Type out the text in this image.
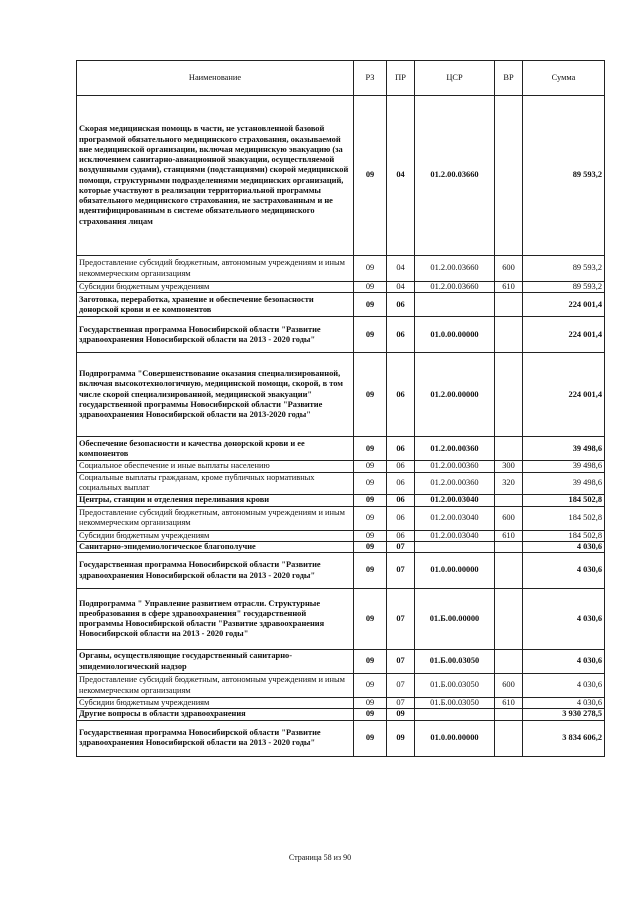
Наименование	РЗ	ПР	ЦСР	ВР	Сумма
Скорая медицинская помощь в части, не установленной базовой программой обязательного медицинского страхования, оказываемой вне медицинской организации, включая медицинскую эвакуацию (за исключением санитарно-авиационной эвакуации, осуществляемой воздушными судами), станциями (подстанциями) скорой медицинской помощи, структурными подразделениями медицинских организаций, которые участвуют в реализации территориальной программы обязательного медицинского страхования, не застрахованным и не идентифицированным в системе обязательного медицинского страхования лицам	09	04	01.2.00.03660		89 593,2
Предоставление субсидий бюджетным, автономным учреждениям и иным некоммерческим организациям	09	04	01.2.00.03660	600	89 593,2
Субсидии бюджетным учреждениям	09	04	01.2.00.03660	610	89 593,2
Заготовка, переработка, хранение и обеспечение безопасности донорской крови и ее компонентов	09	06			224 001,4
Государственная программа Новосибирской области "Развитие здравоохранения Новосибирской области на 2013 - 2020 годы"	09	06	01.0.00.00000		224 001,4
Подпрограмма "Совершенствование оказания специализированной, включая высокотехнологичную, медицинской помощи, скорой, в том числе скорой специализированной, медицинской эвакуации" государственной программы Новосибирской области "Развитие здравоохранения Новосибирской области на 2013-2020 годы"	09	06	01.2.00.00000		224 001,4
Обеспечение безопасности и качества донорской крови и ее компонентов	09	06	01.2.00.00360		39 498,6
Социальное обеспечение и иные выплаты населению	09	06	01.2.00.00360	300	39 498,6
Социальные выплаты гражданам, кроме публичных нормативных социальных выплат	09	06	01.2.00.00360	320	39 498,6
Центры, станции и отделения переливания крови	09	06	01.2.00.03040		184 502,8
Предоставление субсидий бюджетным, автономным учреждениям и иным некоммерческим организациям	09	06	01.2.00.03040	600	184 502,8
Субсидии бюджетным учреждениям	09	06	01.2.00.03040	610	184 502,8
Санитарно-эпидемиологическое благополучие	09	07			4 030,6
Государственная программа Новосибирской области "Развитие здравоохранения Новосибирской области на 2013 - 2020 годы"	09	07	01.0.00.00000		4 030,6
Подпрограмма " Управление развитием отрасли. Структурные преобразования в сфере здравоохранения" государственной программы Новосибирской области "Развитие здравоохранения Новосибирской области на 2013 - 2020 годы"	09	07	01.Б.00.00000		4 030,6
Органы, осуществляющие государственный санитарно-эпидемиологический надзор	09	07	01.Б.00.03050		4 030,6
Предоставление субсидий бюджетным, автономным учреждениям и иным некоммерческим организациям	09	07	01.Б.00.03050	600	4 030,6
Субсидии бюджетным учреждениям	09	07	01.Б.00.03050	610	4 030,6
Другие вопросы в области здравоохранения	09	09			3 930 278,5
Государственная программа Новосибирской области "Развитие здравоохранения Новосибирской области на 2013 - 2020 годы"	09	09	01.0.00.00000		3 834 606,2
Страница 58 из 90
